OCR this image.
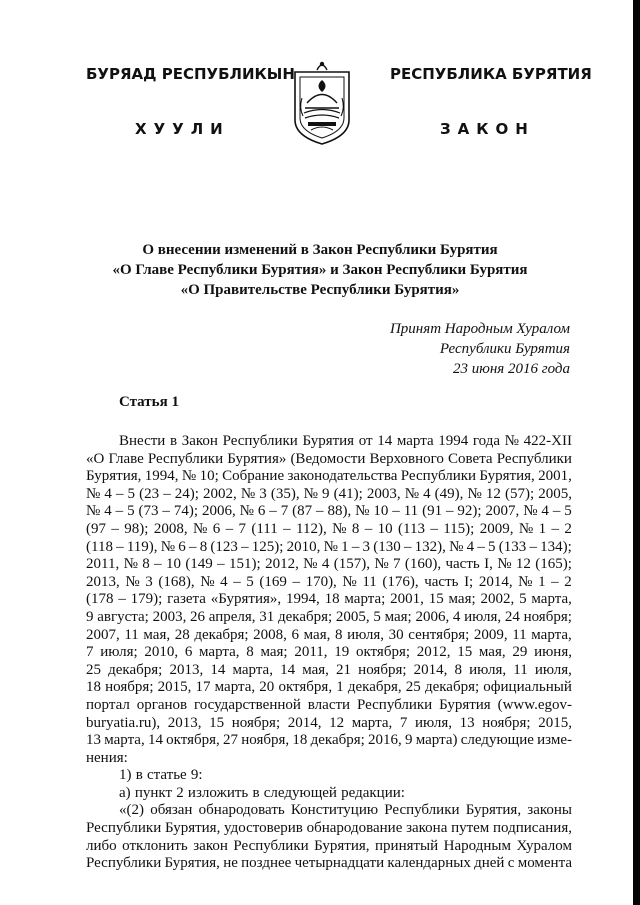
БУРЯАД РЕСПУБЛИКЫН	РЕСПУБЛИКА БУРЯТИЯ
ХУУЛИ	ЗАКОН
О внесении изменений в Закон Республики Бурятия
«О Главе Республики Бурятия» и Закон Республики Бурятия
«О Правительстве Республики Бурятия»
Принят Народным Хуралом
Республики Бурятия
23 июня 2016 года
Статья 1
Внести в Закон Республики Бурятия от 14 марта 1994 года № 422-XII
«О Главе Республики Бурятия» (Ведомости Верховного Совета Республики
Бурятия, 1994, № 10; Собрание законодательства Республики Бурятия, 2001,
№ 4 – 5 (23 – 24); 2002, № 3 (35), № 9 (41); 2003, № 4 (49), № 12 (57); 2005,
№ 4 – 5 (73 – 74); 2006, № 6 – 7 (87 – 88), № 10 – 11 (91 – 92); 2007, № 4 – 5
(97 – 98); 2008, № 6 – 7 (111 – 112), № 8 – 10 (113 – 115); 2009, № 1 – 2
(118 – 119), № 6 – 8 (123 – 125); 2010, № 1 – 3 (130 – 132), № 4 – 5 (133 – 134);
2011, № 8 – 10 (149 – 151); 2012, № 4 (157), № 7 (160), часть I, № 12 (165);
2013, № 3 (168), № 4 – 5 (169 – 170), № 11 (176), часть I; 2014, № 1 – 2
(178 – 179); газета «Бурятия», 1994, 18 марта; 2001, 15 мая; 2002, 5 марта,
9 августа; 2003, 26 апреля, 31 декабря; 2005, 5 мая; 2006, 4 июля, 24 ноября;
2007, 11 мая, 28 декабря; 2008, 6 мая, 8 июля, 30 сентября; 2009, 11 марта,
7 июля; 2010, 6 марта, 8 мая; 2011, 19 октября; 2012, 15 мая, 29 июня,
25 декабря; 2013, 14 марта, 14 мая, 21 ноября; 2014, 8 июля, 11 июля,
18 ноября; 2015, 17 марта, 20 октября, 1 декабря, 25 декабря; официальный
портал органов государственной власти Республики Бурятия (www.egov-
buryatia.ru), 2013, 15 ноября; 2014, 12 марта, 7 июля, 13 ноября; 2015,
13 марта, 14 октября, 27 ноября, 18 декабря; 2016, 9 марта) следующие изме-
нения:
1) в статье 9:
а) пункт 2 изложить в следующей редакции:
«(2) обязан обнародовать Конституцию Республики Бурятия, законы
Республики Бурятия, удостоверив обнародование закона путем подписания,
либо отклонить закон Республики Бурятия, принятый Народным Хуралом
Республики Бурятия, не позднее четырнадцати календарных дней с момента
